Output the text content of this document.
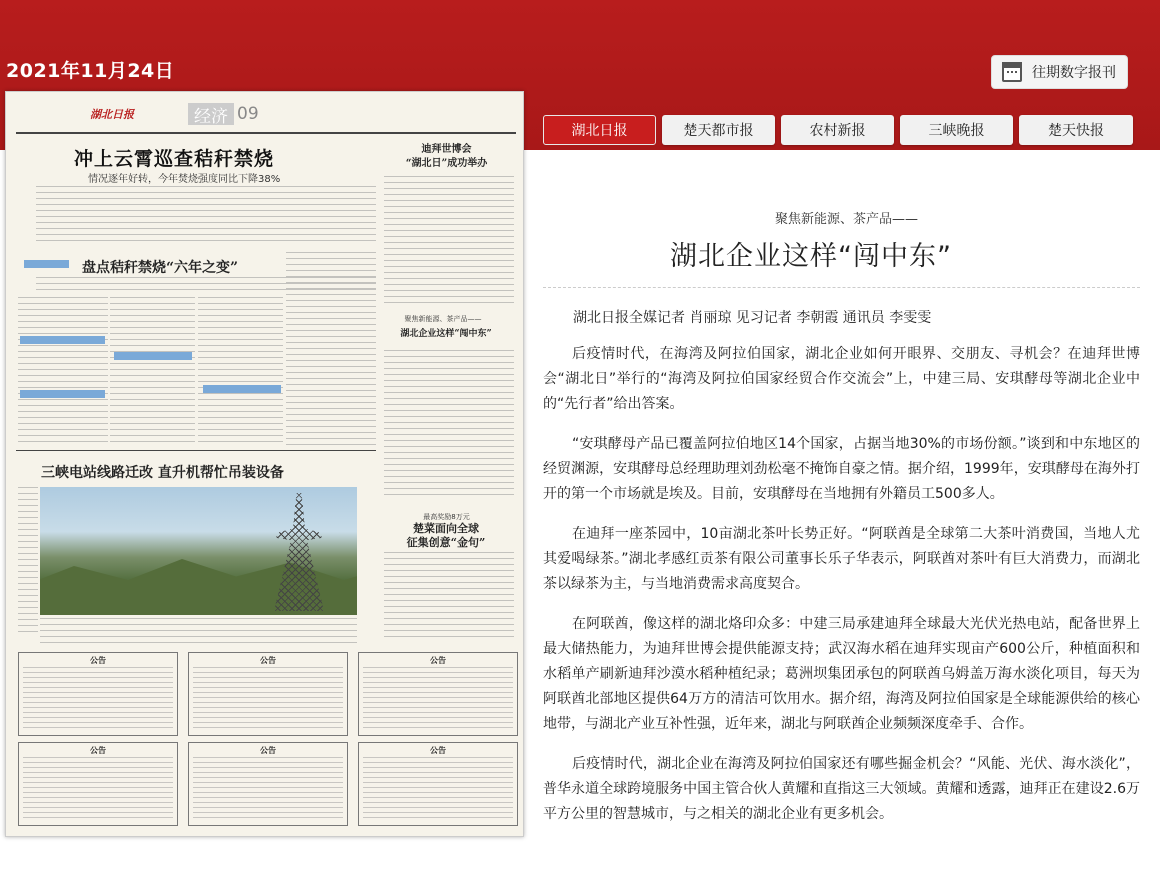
2021年11月24日	往期数字报刊
湖北日报	楚天都市报	农村新报	三峡晚报	楚天快报
湖北日报	经济 09
冲上云霄巡查秸秆禁烧
情况逐年好转，今年焚烧强度同比下降38%
盘点秸秆禁烧“六年之变”
三峡电站线路迁改 直升机帮忙吊装设备
迪拜世博会
“湖北日”成功举办
聚焦新能源、茶产品——
湖北企业这样“闯中东”
最高奖励8万元
楚菜面向全球
征集创意“金句”
公告	公告	公告
公告	公告	公告
聚焦新能源、茶产品——
湖北企业这样“闯中东”

湖北日报全媒记者 肖丽琼 见习记者 李朝霞 通讯员 李雯雯

后疫情时代，在海湾及阿拉伯国家，湖北企业如何开眼界、交朋友、寻机会？在迪拜世博会“湖北日”举行的“海湾及阿拉伯国家经贸合作交流会”上，中建三局、安琪酵母等湖北企业中的“先行者”给出答案。

“安琪酵母产品已覆盖阿拉伯地区14个国家，占据当地30%的市场份额。”谈到和中东地区的经贸渊源，安琪酵母总经理助理刘劲松毫不掩饰自豪之情。据介绍，1999年，安琪酵母在海外打开的第一个市场就是埃及。目前，安琪酵母在当地拥有外籍员工500多人。

在迪拜一座茶园中，10亩湖北茶叶长势正好。“阿联酋是全球第二大茶叶消费国，当地人尤其爱喝绿茶。”湖北孝感红贡茶有限公司董事长乐子华表示，阿联酋对茶叶有巨大消费力，而湖北茶以绿茶为主，与当地消费需求高度契合。

在阿联酋，像这样的湖北烙印众多：中建三局承建迪拜全球最大光伏光热电站，配备世界上最大储热能力，为迪拜世博会提供能源支持；武汉海水稻在迪拜实现亩产600公斤，种植面积和水稻单产刷新迪拜沙漠水稻种植纪录；葛洲坝集团承包的阿联酋乌姆盖万海水淡化项目，每天为阿联酋北部地区提供64万方的清洁可饮用水。据介绍，海湾及阿拉伯国家是全球能源供给的核心地带，与湖北产业互补性强，近年来，湖北与阿联酋企业频频深度牵手、合作。

后疫情时代，湖北企业在海湾及阿拉伯国家还有哪些掘金机会？“风能、光伏、海水淡化”，普华永道全球跨境服务中国主管合伙人黄耀和直指这三大领域。黄耀和透露，迪拜正在建设2.6万平方公里的智慧城市，与之相关的湖北企业有更多机会。
